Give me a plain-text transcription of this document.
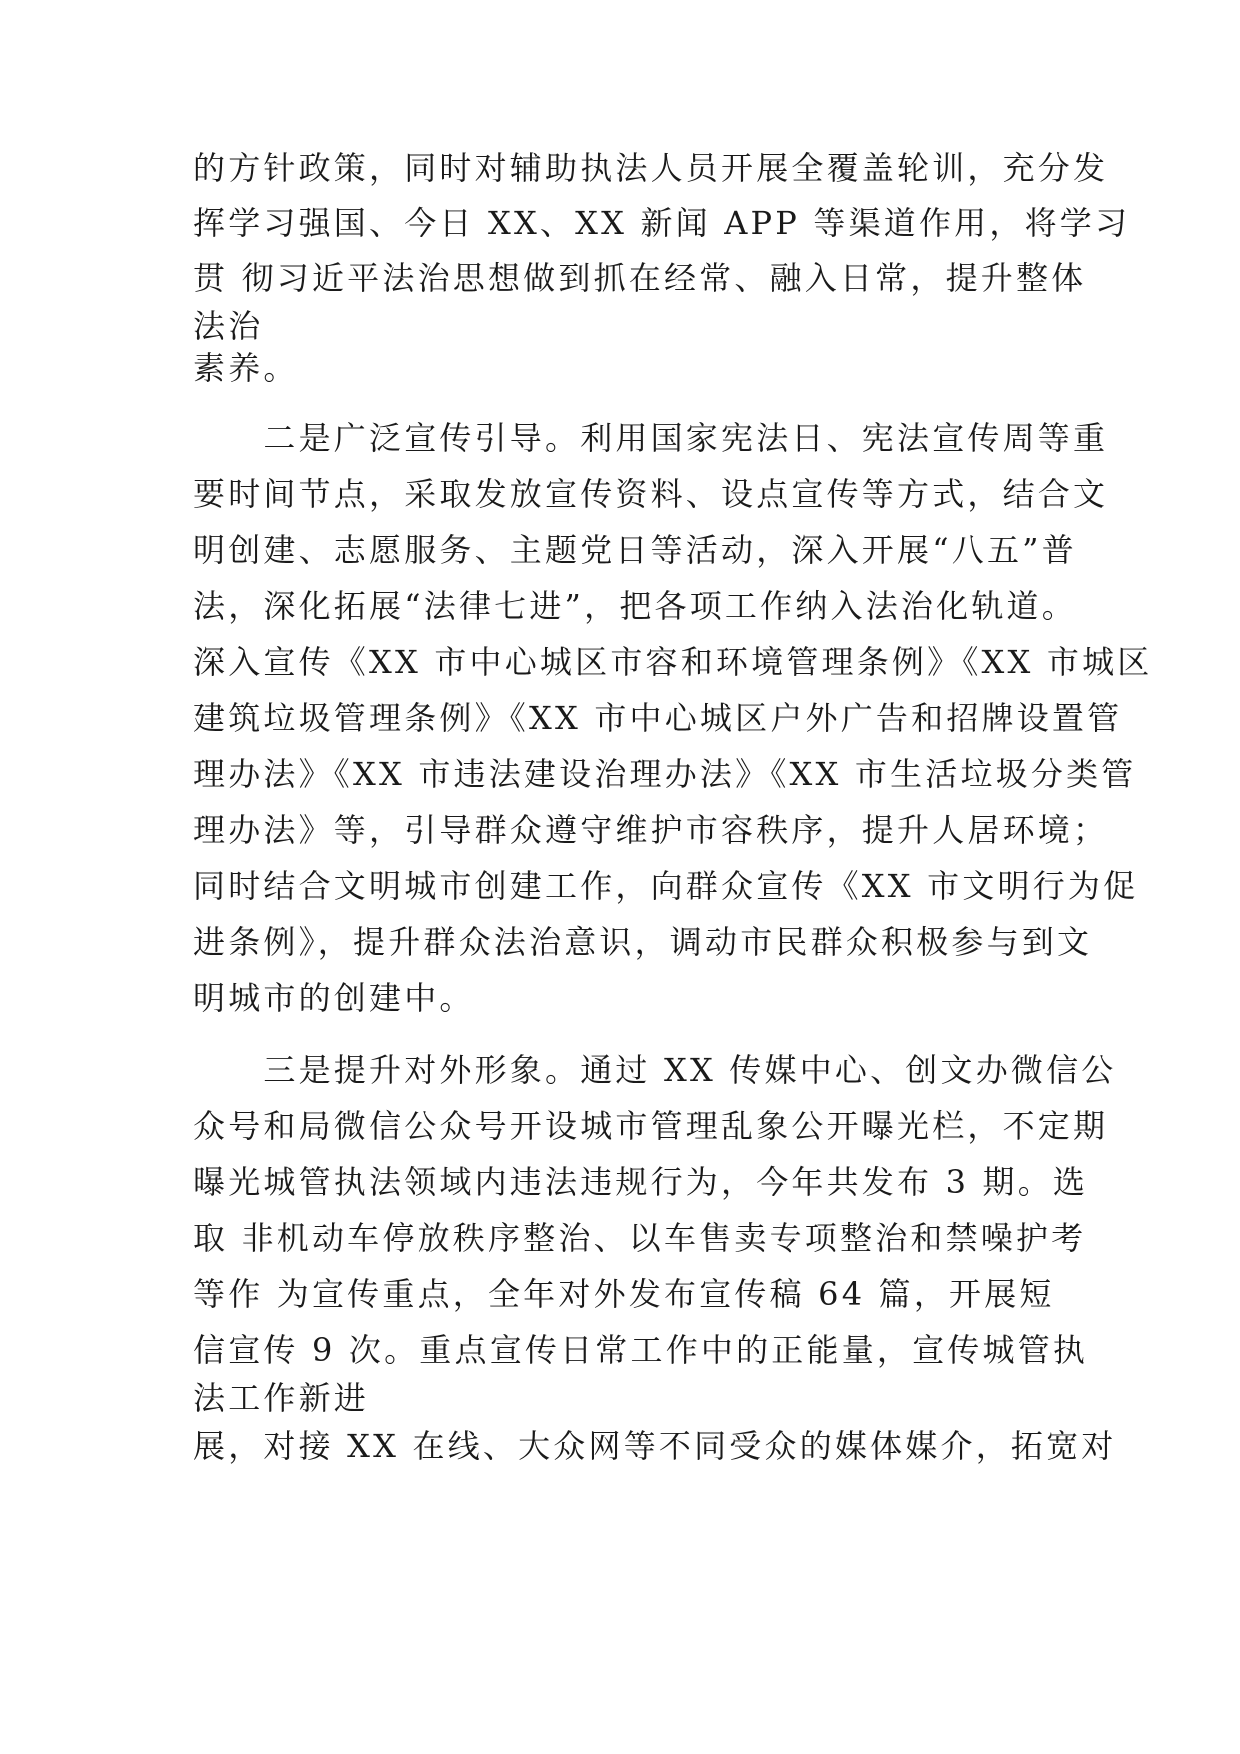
的方针政策，同时对辅助执法人员开展全覆盖轮训，充分发
挥学习强国、今日 XX、XX 新闻 APP 等渠道作用，将学习
贯 彻习近平法治思想做到抓在经常、融入日常，提升整体
法治
素养。
　　二是广泛宣传引导。利用国家宪法日、宪法宣传周等重
要时间节点，采取发放宣传资料、设点宣传等方式，结合文
明创建、志愿服务、主题党日等活动，深入开展“八五”普
法，深化拓展“法律七进”，把各项工作纳入法治化轨道。
深入宣传《XX 市中心城区市容和环境管理条例》《XX 市城区
建筑垃圾管理条例》《XX 市中心城区户外广告和招牌设置管
理办法》《XX 市违法建设治理办法》《XX 市生活垃圾分类管
理办法》等，引导群众遵守维护市容秩序，提升人居环境；
同时结合文明城市创建工作，向群众宣传《XX 市文明行为促
进条例》，提升群众法治意识，调动市民群众积极参与到文
明城市的创建中。
　　三是提升对外形象。通过 XX 传媒中心、创文办微信公
众号和局微信公众号开设城市管理乱象公开曝光栏，不定期
曝光城管执法领域内违法违规行为，今年共发布 3 期。选
取 非机动车停放秩序整治、以车售卖专项整治和禁噪护考
等作 为宣传重点，全年对外发布宣传稿 64 篇，开展短
信宣传 9 次。重点宣传日常工作中的正能量，宣传城管执
法工作新进
展，对接 XX 在线、大众网等不同受众的媒体媒介，拓宽对
